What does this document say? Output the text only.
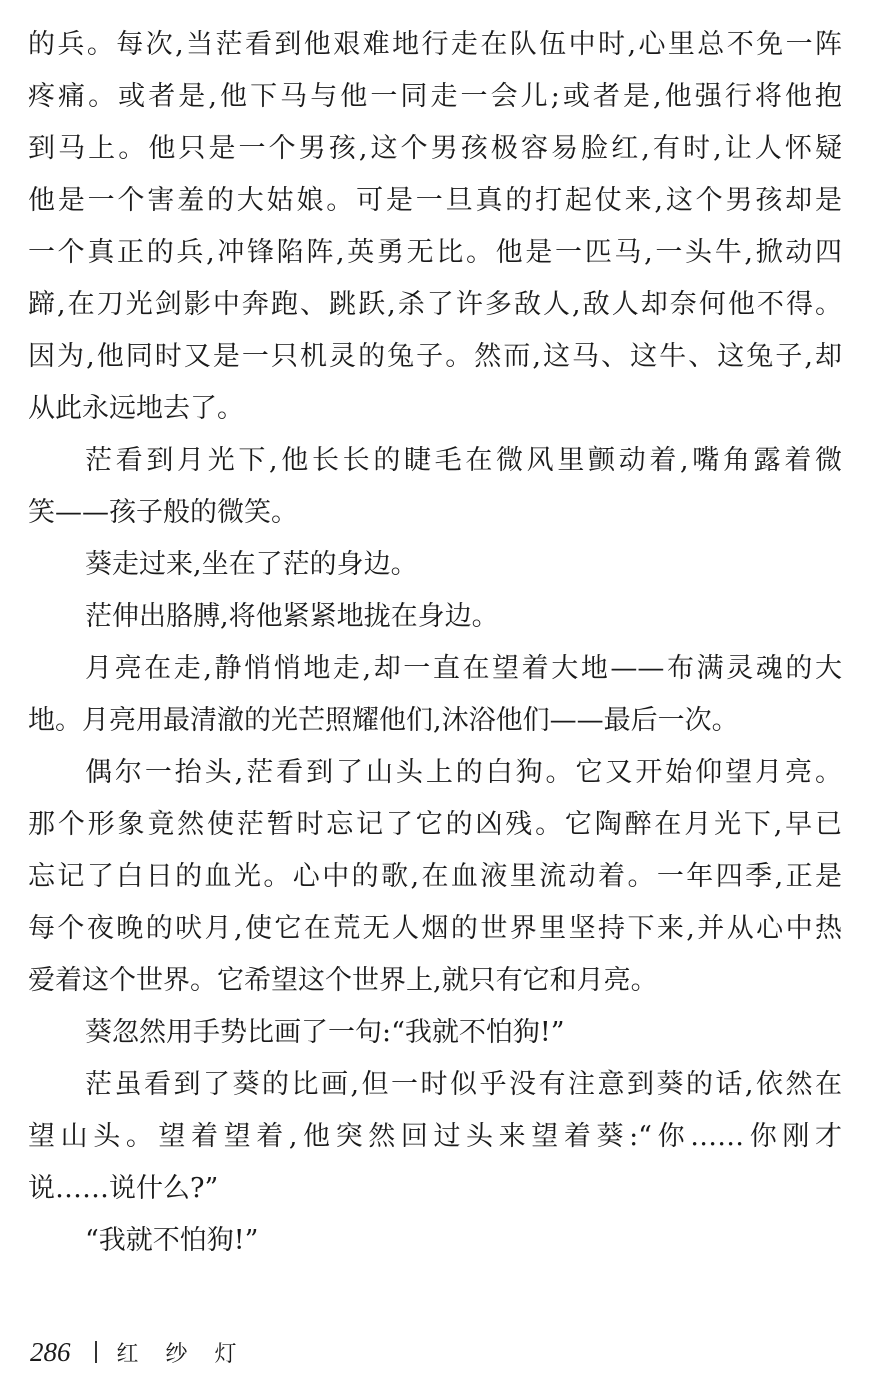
的兵。每次,当茫看到他艰难地行走在队伍中时,心里总不免一阵
疼痛。或者是,他下马与他一同走一会儿;或者是,他强行将他抱
到马上。他只是一个男孩,这个男孩极容易脸红,有时,让人怀疑
他是一个害羞的大姑娘。可是一旦真的打起仗来,这个男孩却是
一个真正的兵,冲锋陷阵,英勇无比。他是一匹马,一头牛,掀动四
蹄,在刀光剑影中奔跑、跳跃,杀了许多敌人,敌人却奈何他不得。
因为,他同时又是一只机灵的兔子。然而,这马、这牛、这兔子,却
从此永远地去了。
茫看到月光下,他长长的睫毛在微风里颤动着,嘴角露着微
笑——孩子般的微笑。
葵走过来,坐在了茫的身边。
茫伸出胳膊,将他紧紧地拢在身边。
月亮在走,静悄悄地走,却一直在望着大地——布满灵魂的大
地。月亮用最清澈的光芒照耀他们,沐浴他们——最后一次。
偶尔一抬头,茫看到了山头上的白狗。它又开始仰望月亮。
那个形象竟然使茫暂时忘记了它的凶残。它陶醉在月光下,早已
忘记了白日的血光。心中的歌,在血液里流动着。一年四季,正是
每个夜晚的吠月,使它在荒无人烟的世界里坚持下来,并从心中热
爱着这个世界。它希望这个世界上,就只有它和月亮。
葵忽然用手势比画了一句:“我就不怕狗!”
茫虽看到了葵的比画,但一时似乎没有注意到葵的话,依然在
望山头。望着望着,他突然回过头来望着葵:“你……你刚才
说……说什么?”
“我就不怕狗!”
286 红 纱 灯
